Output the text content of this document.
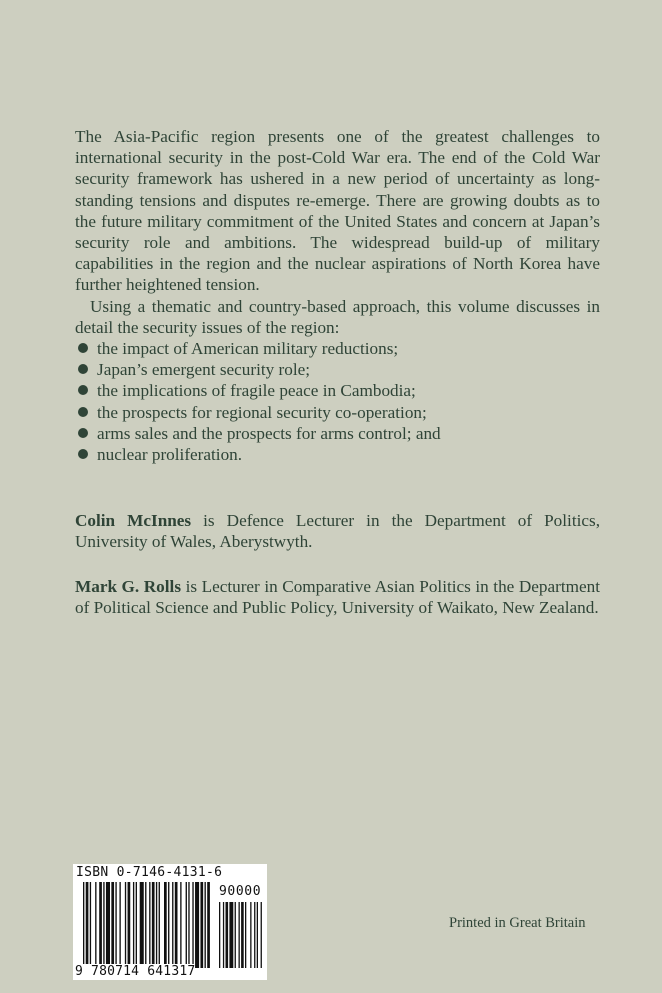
The Asia-Pacific region presents one of the greatest challenges to international security in the post-Cold War era. The end of the Cold War security framework has ushered in a new period of uncertainty as long-standing tensions and disputes re-emerge. There are growing doubts as to the future military commitment of the United States and concern at Japan’s security role and ambitions. The widespread build-up of military capabilities in the region and the nuclear aspirations of North Korea have further heightened tension.

Using a thematic and country-based approach, this volume discusses in detail the security issues of the region:

the impact of American military reductions;
Japan’s emergent security role;
the implications of fragile peace in Cambodia;
the prospects for regional security co-operation;
arms sales and the prospects for arms control; and
nuclear proliferation.

Colin McInnes is Defence Lecturer in the Department of Politics, University of Wales, Aberystwyth.

Mark G. Rolls is Lecturer in Comparative Asian Politics in the Department of Political Science and Public Policy, University of Waikato, New Zealand.

ISBN 0-7146-4131-6
90000
9 780714 641317
Printed in Great Britain
